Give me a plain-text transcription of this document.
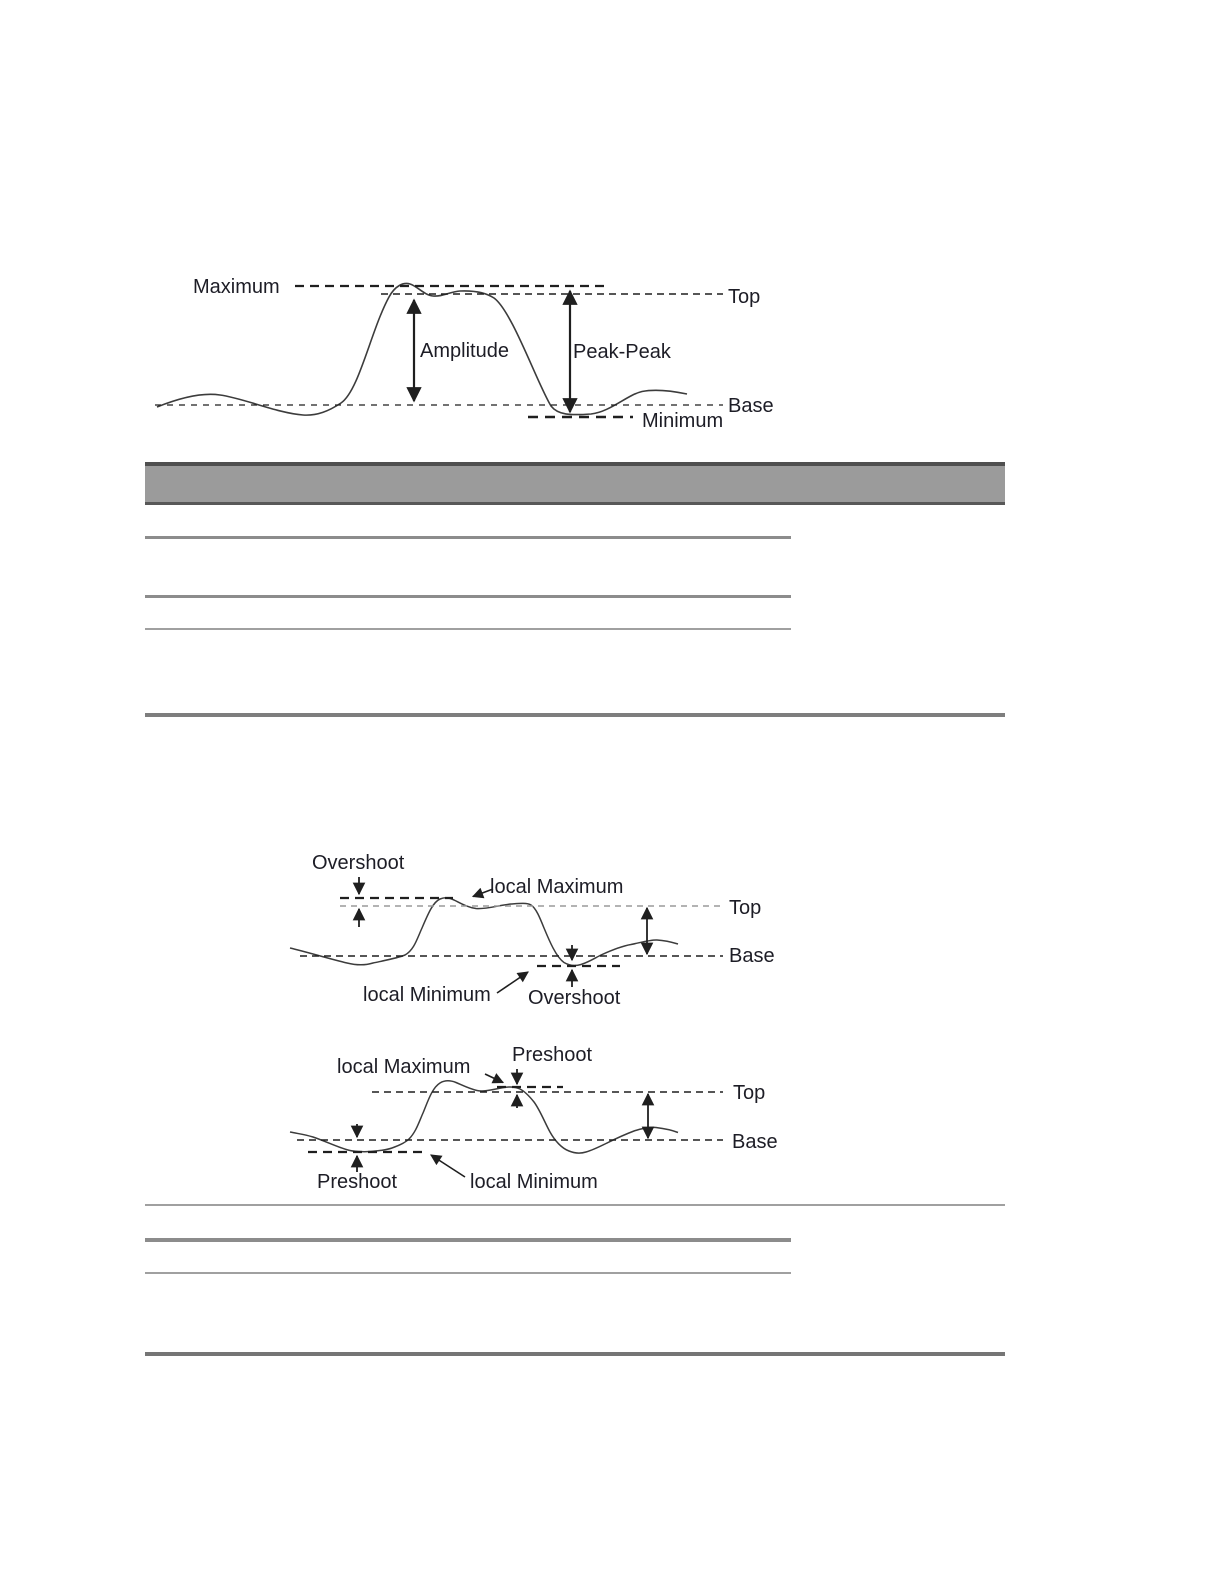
Maximum	Top
Amplitude	Peak-Peak
Base
Minimum
Overshoot
local Maximum
Top
Base
local Minimum Overshoot
local Maximum
Preshoot
Top
Base
Preshoot	local Minimum
